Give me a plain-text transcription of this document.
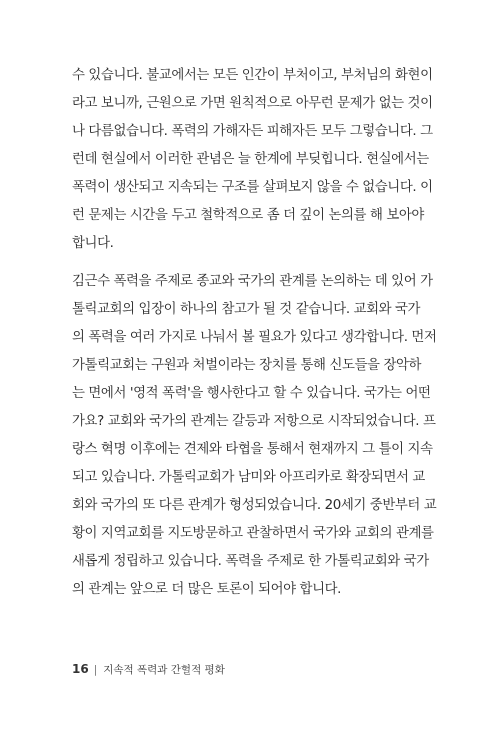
수 있습니다. 불교에서는 모든 인간이 부처이고, 부처님의 화현이
라고 보니까, 근원으로 가면 원칙적으로 아무런 문제가 없는 것이
나 다름없습니다. 폭력의 가해자든 피해자든 모두 그렇습니다. 그
런데 현실에서 이러한 관념은 늘 한계에 부딪힙니다. 현실에서는
폭력이 생산되고 지속되는 구조를 살펴보지 않을 수 없습니다. 이
런 문제는 시간을 두고 철학적으로 좀 더 깊이 논의를 해 보아야
합니다.
김근수 폭력을 주제로 종교와 국가의 관계를 논의하는 데 있어 가
톨릭교회의 입장이 하나의 참고가 될 것 같습니다. 교회와 국가
의 폭력을 여러 가지로 나눠서 볼 필요가 있다고 생각합니다. 먼저
가톨릭교회는 구원과 처벌이라는 장치를 통해 신도들을 장악하
는 면에서 '영적 폭력'을 행사한다고 할 수 있습니다. 국가는 어떤
가요? 교회와 국가의 관계는 갈등과 저항으로 시작되었습니다. 프
랑스 혁명 이후에는 견제와 타협을 통해서 현재까지 그 틀이 지속
되고 있습니다. 가톨릭교회가 남미와 아프리카로 확장되면서 교
회와 국가의 또 다른 관계가 형성되었습니다. 20세기 중반부터 교
황이 지역교회를 지도방문하고 관찰하면서 국가와 교회의 관계를
새롭게 정립하고 있습니다. 폭력을 주제로 한 가톨릭교회와 국가
의 관계는 앞으로 더 많은 토론이 되어야 합니다.
16 | 지속적 폭력과 간헐적 평화
